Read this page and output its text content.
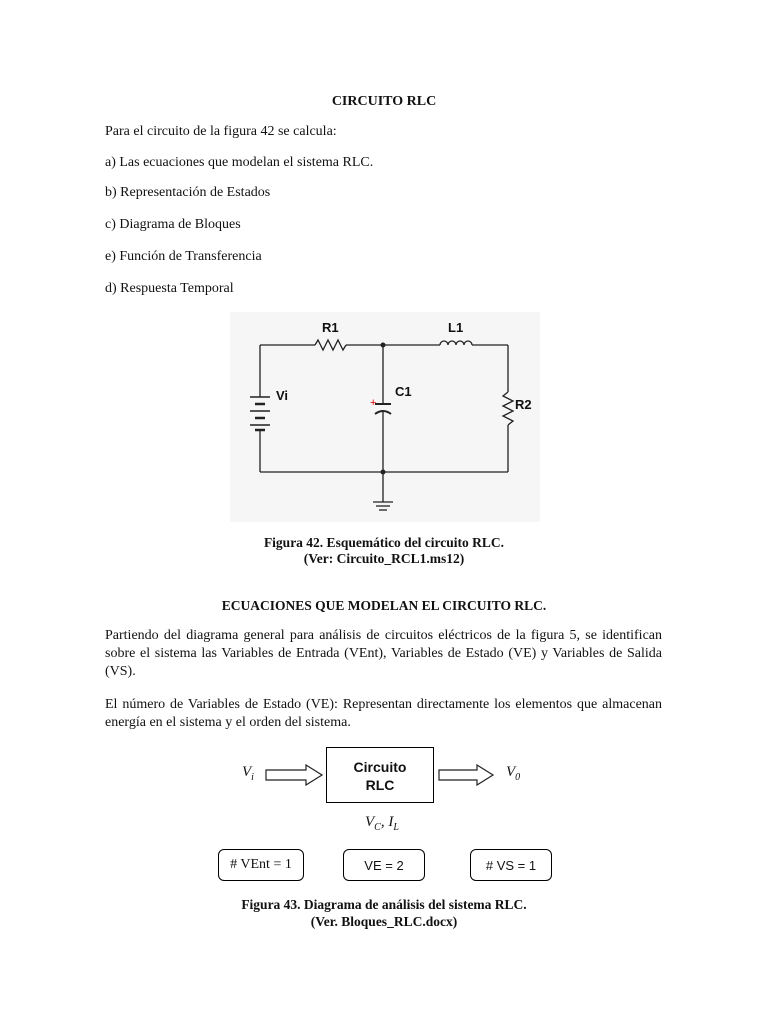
CIRCUITO RLC
Para el circuito de la figura 42 se calcula:
a) Las ecuaciones que modelan el sistema RLC.
b) Representación de Estados
c) Diagrama de Bloques
e) Función de Transferencia
d) Respuesta Temporal
R1	L1
C1
R2
Vi	+
Figura 42. Esquemático del circuito RLC.
(Ver: Circuito_RCL1.ms12)
ECUACIONES QUE MODELAN EL CIRCUITO RLC.
Partiendo del diagrama general para análisis de circuitos eléctricos de la figura 5, se identifican sobre el sistema las Variables de Entrada (VEnt), Variables de Estado (VE) y Variables de Salida (VS).
El número de Variables de Estado (VE): Representan directamente los elementos que almacenan energía en el sistema y el orden del sistema.
$V_i$
Circuito
RLC
$V_0$
$V_C$, $I_L$
# VEnt = 1	VE = 2	# VS = 1
Figura 43. Diagrama de análisis del sistema RLC.
(Ver. Bloques_RLC.docx)
